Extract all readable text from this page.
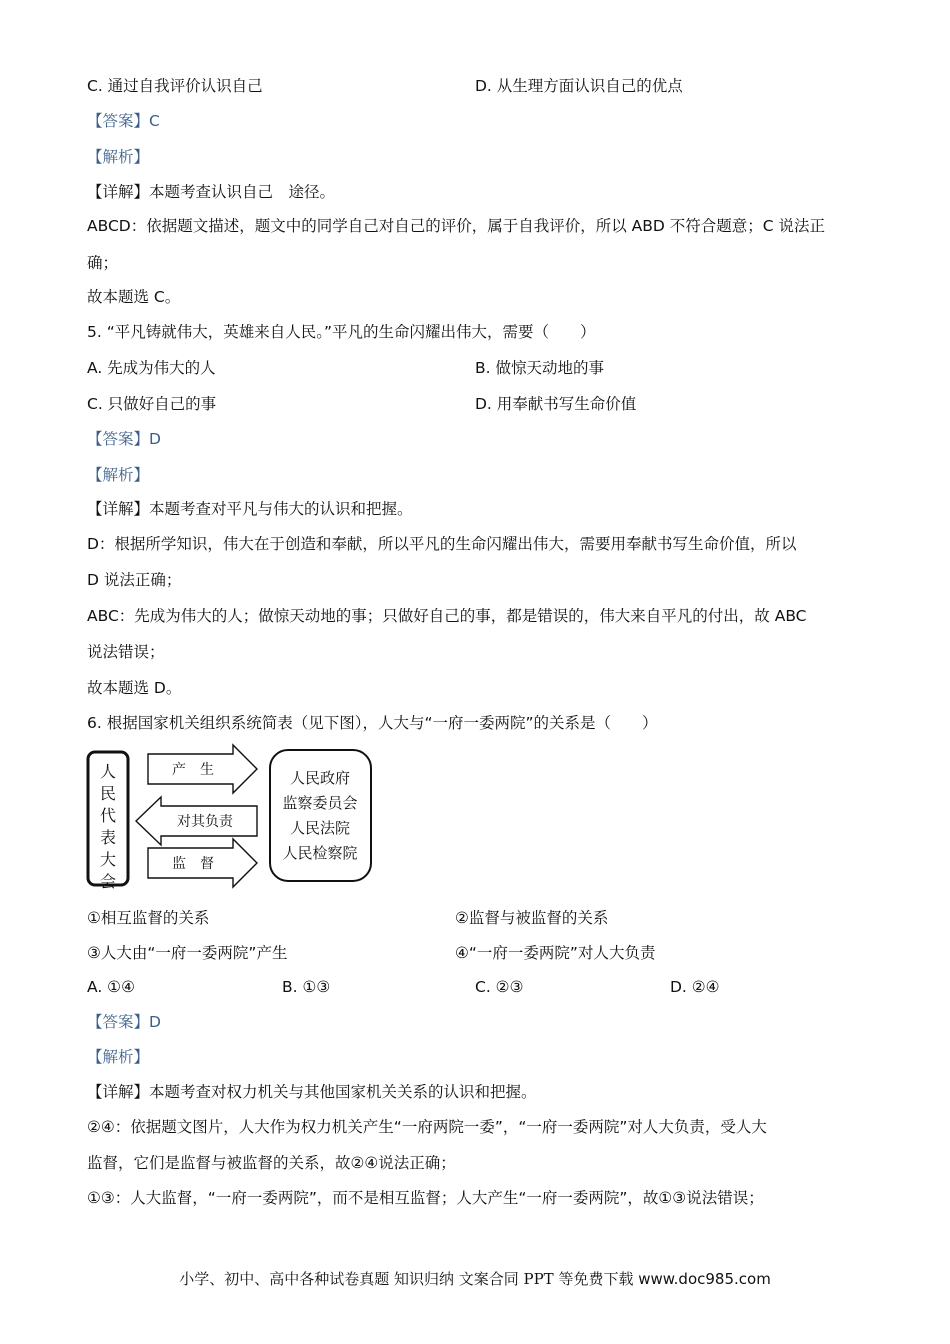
C. 通过自我评价认识自己	D. 从生理方面认识自己的优点
【答案】C
【解析】
【详解】本题考查认识自己　途径。
ABCD：依据题文描述，题文中的同学自己对自己的评价，属于自我评价，所以 ABD 不符合题意；C 说法正
确；
故本题选 C。
5. “平凡铸就伟大，英雄来自人民。”平凡的生命闪耀出伟大，需要（　　）
A. 先成为伟大的人	B. 做惊天动地的事
C. 只做好自己的事	D. 用奉献书写生命价值
【答案】D
【解析】
【详解】本题考查对平凡与伟大的认识和把握。
D：根据所学知识，伟大在于创造和奉献，所以平凡的生命闪耀出伟大，需要用奉献书写生命价值，所以
D 说法正确；
ABC：先成为伟大的人；做惊天动地的事；只做好自己的事，都是错误的，伟大来自平凡的付出，故 ABC
说法错误；
故本题选 D。
6. 根据国家机关组织系统简表（见下图），人大与“一府一委两院”的关系是（　　）
人
民
代
表
大
会
产　生
对其负责
监　督
人民政府
监察委员会
人民法院
人民检察院
①相互监督的关系	②监督与被监督的关系
③人大由“一府一委两院”产生	④“一府一委两院”对人大负责
A. ①④	B. ①③	C. ②③	D. ②④
【答案】D
【解析】
【详解】本题考查对权力机关与其他国家机关关系的认识和把握。
②④：依据题文图片，人大作为权力机关产生“一府两院一委”，“一府一委两院”对人大负责，受人大
监督，它们是监督与被监督的关系，故②④说法正确；
①③：人大监督，“一府一委两院”，而不是相互监督；人大产生“一府一委两院”，故①③说法错误；
小学、初中、高中各种试卷真题 知识归纳 文案合同 PPT 等免费下载 www.doc985.com
